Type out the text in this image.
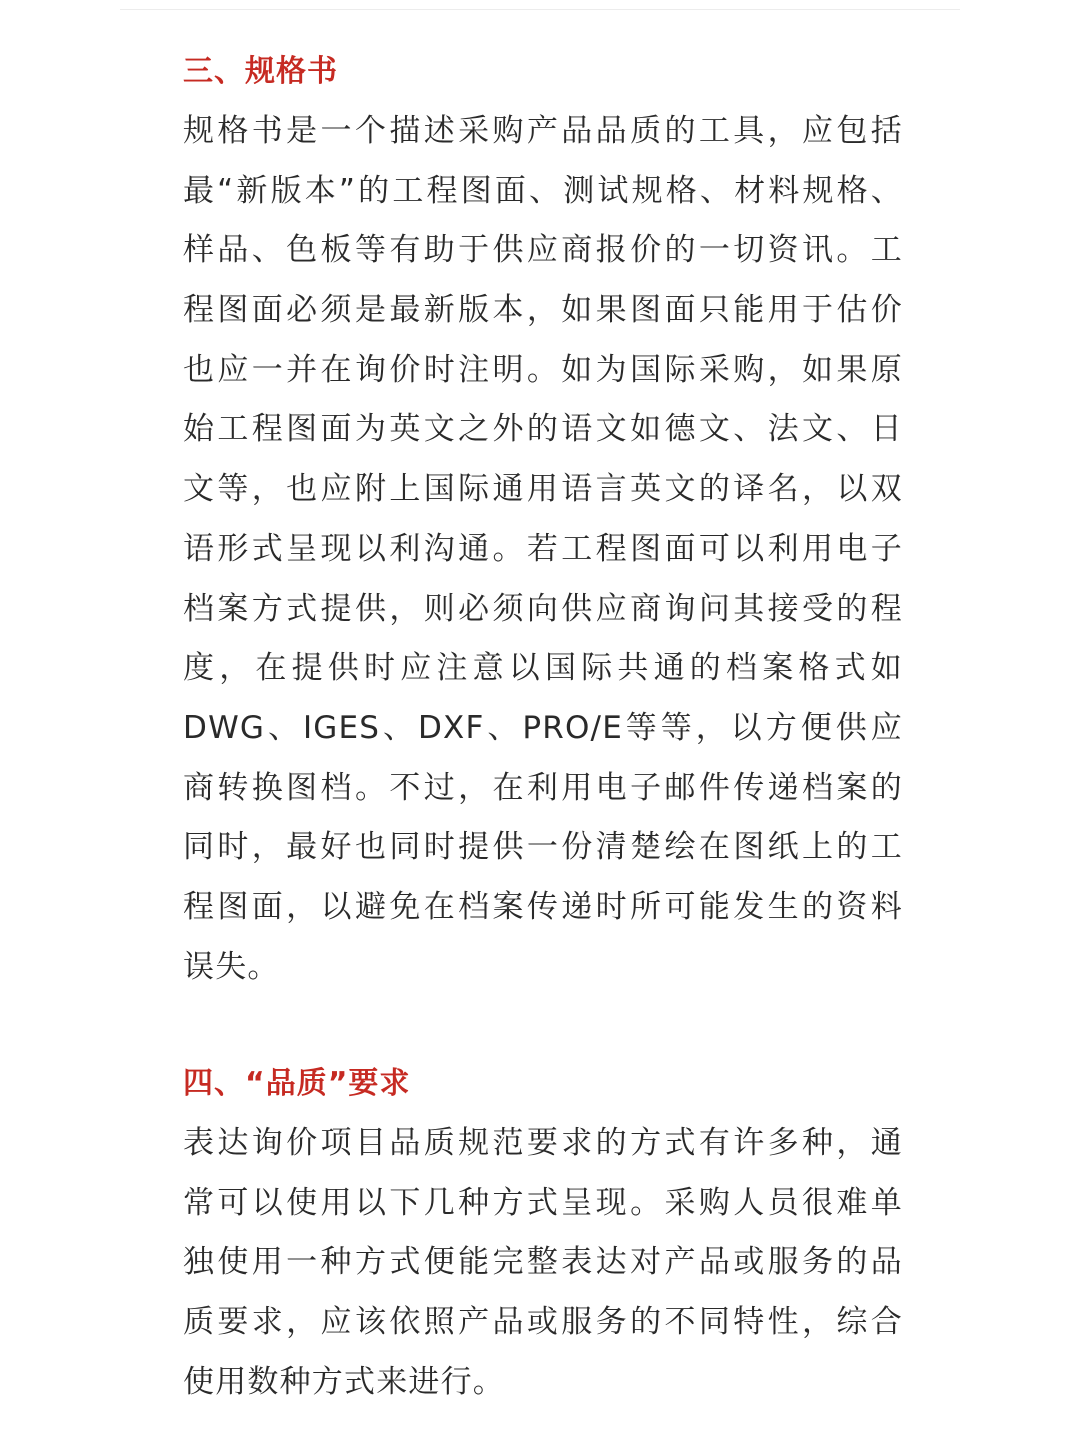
三、规格书

规格书是一个描述采购产品品质的工具，应包括

最“新版本”的工程图面、测试规格、材料规格、

样品、色板等有助于供应商报价的一切资讯。工

程图面必须是最新版本，如果图面只能用于估价

也应一并在询价时注明。如为国际采购，如果原

始工程图面为英文之外的语文如德文、法文、日

文等，也应附上国际通用语言英文的译名，以双

语形式呈现以利沟通。若工程图面可以利用电子

档案方式提供，则必须向供应商询问其接受的程

度，在提供时应注意以国际共通的档案格式如

DWG、IGES、DXF、PRO/E等等，以方便供应

商转换图档。不过，在利用电子邮件传递档案的

同时，最好也同时提供一份清楚绘在图纸上的工

程图面，以避免在档案传递时所可能发生的资料

误失。

四、“品质”要求

表达询价项目品质规范要求的方式有许多种，通

常可以使用以下几种方式呈现。采购人员很难单

独使用一种方式便能完整表达对产品或服务的品

质要求，应该依照产品或服务的不同特性，综合

使用数种方式来进行。
